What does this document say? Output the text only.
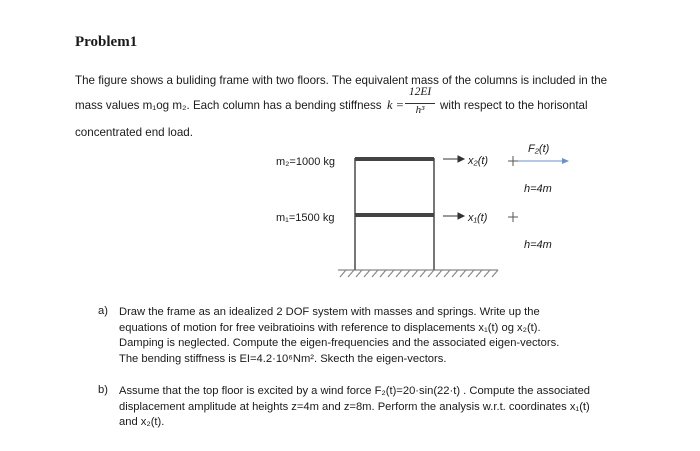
Problem1
The figure shows a buliding frame with two floors. The equivalent mass of the columns is included in the
mass values m₁og m₂. Each column has a bending stiffness k =
12EI
h³	with respect to the horisontal
concentrated end load.
m₂=1000 kg
m₁=1500 kg
x₂(t)
x₁(t)
F₂(t)
h=4m
h=4m
a) Draw the frame as an idealized 2 DOF system with masses and springs. Write up the
equations of motion for free veibratioins with reference to displacements x₁(t) og x₂(t).
Damping is neglected. Compute the eigen-frequencies and the associated eigen-vectors.
The bending stiffness is EI=4.2·10⁶Nm². Skecth the eigen-vectors.
b) Assume that the top floor is excited by a wind force F₂(t)=20·sin(22·t) . Compute the associated
displacement amplitude at heights z=4m and z=8m. Perform the analysis w.r.t. coordinates x₁(t)
and x₂(t).
